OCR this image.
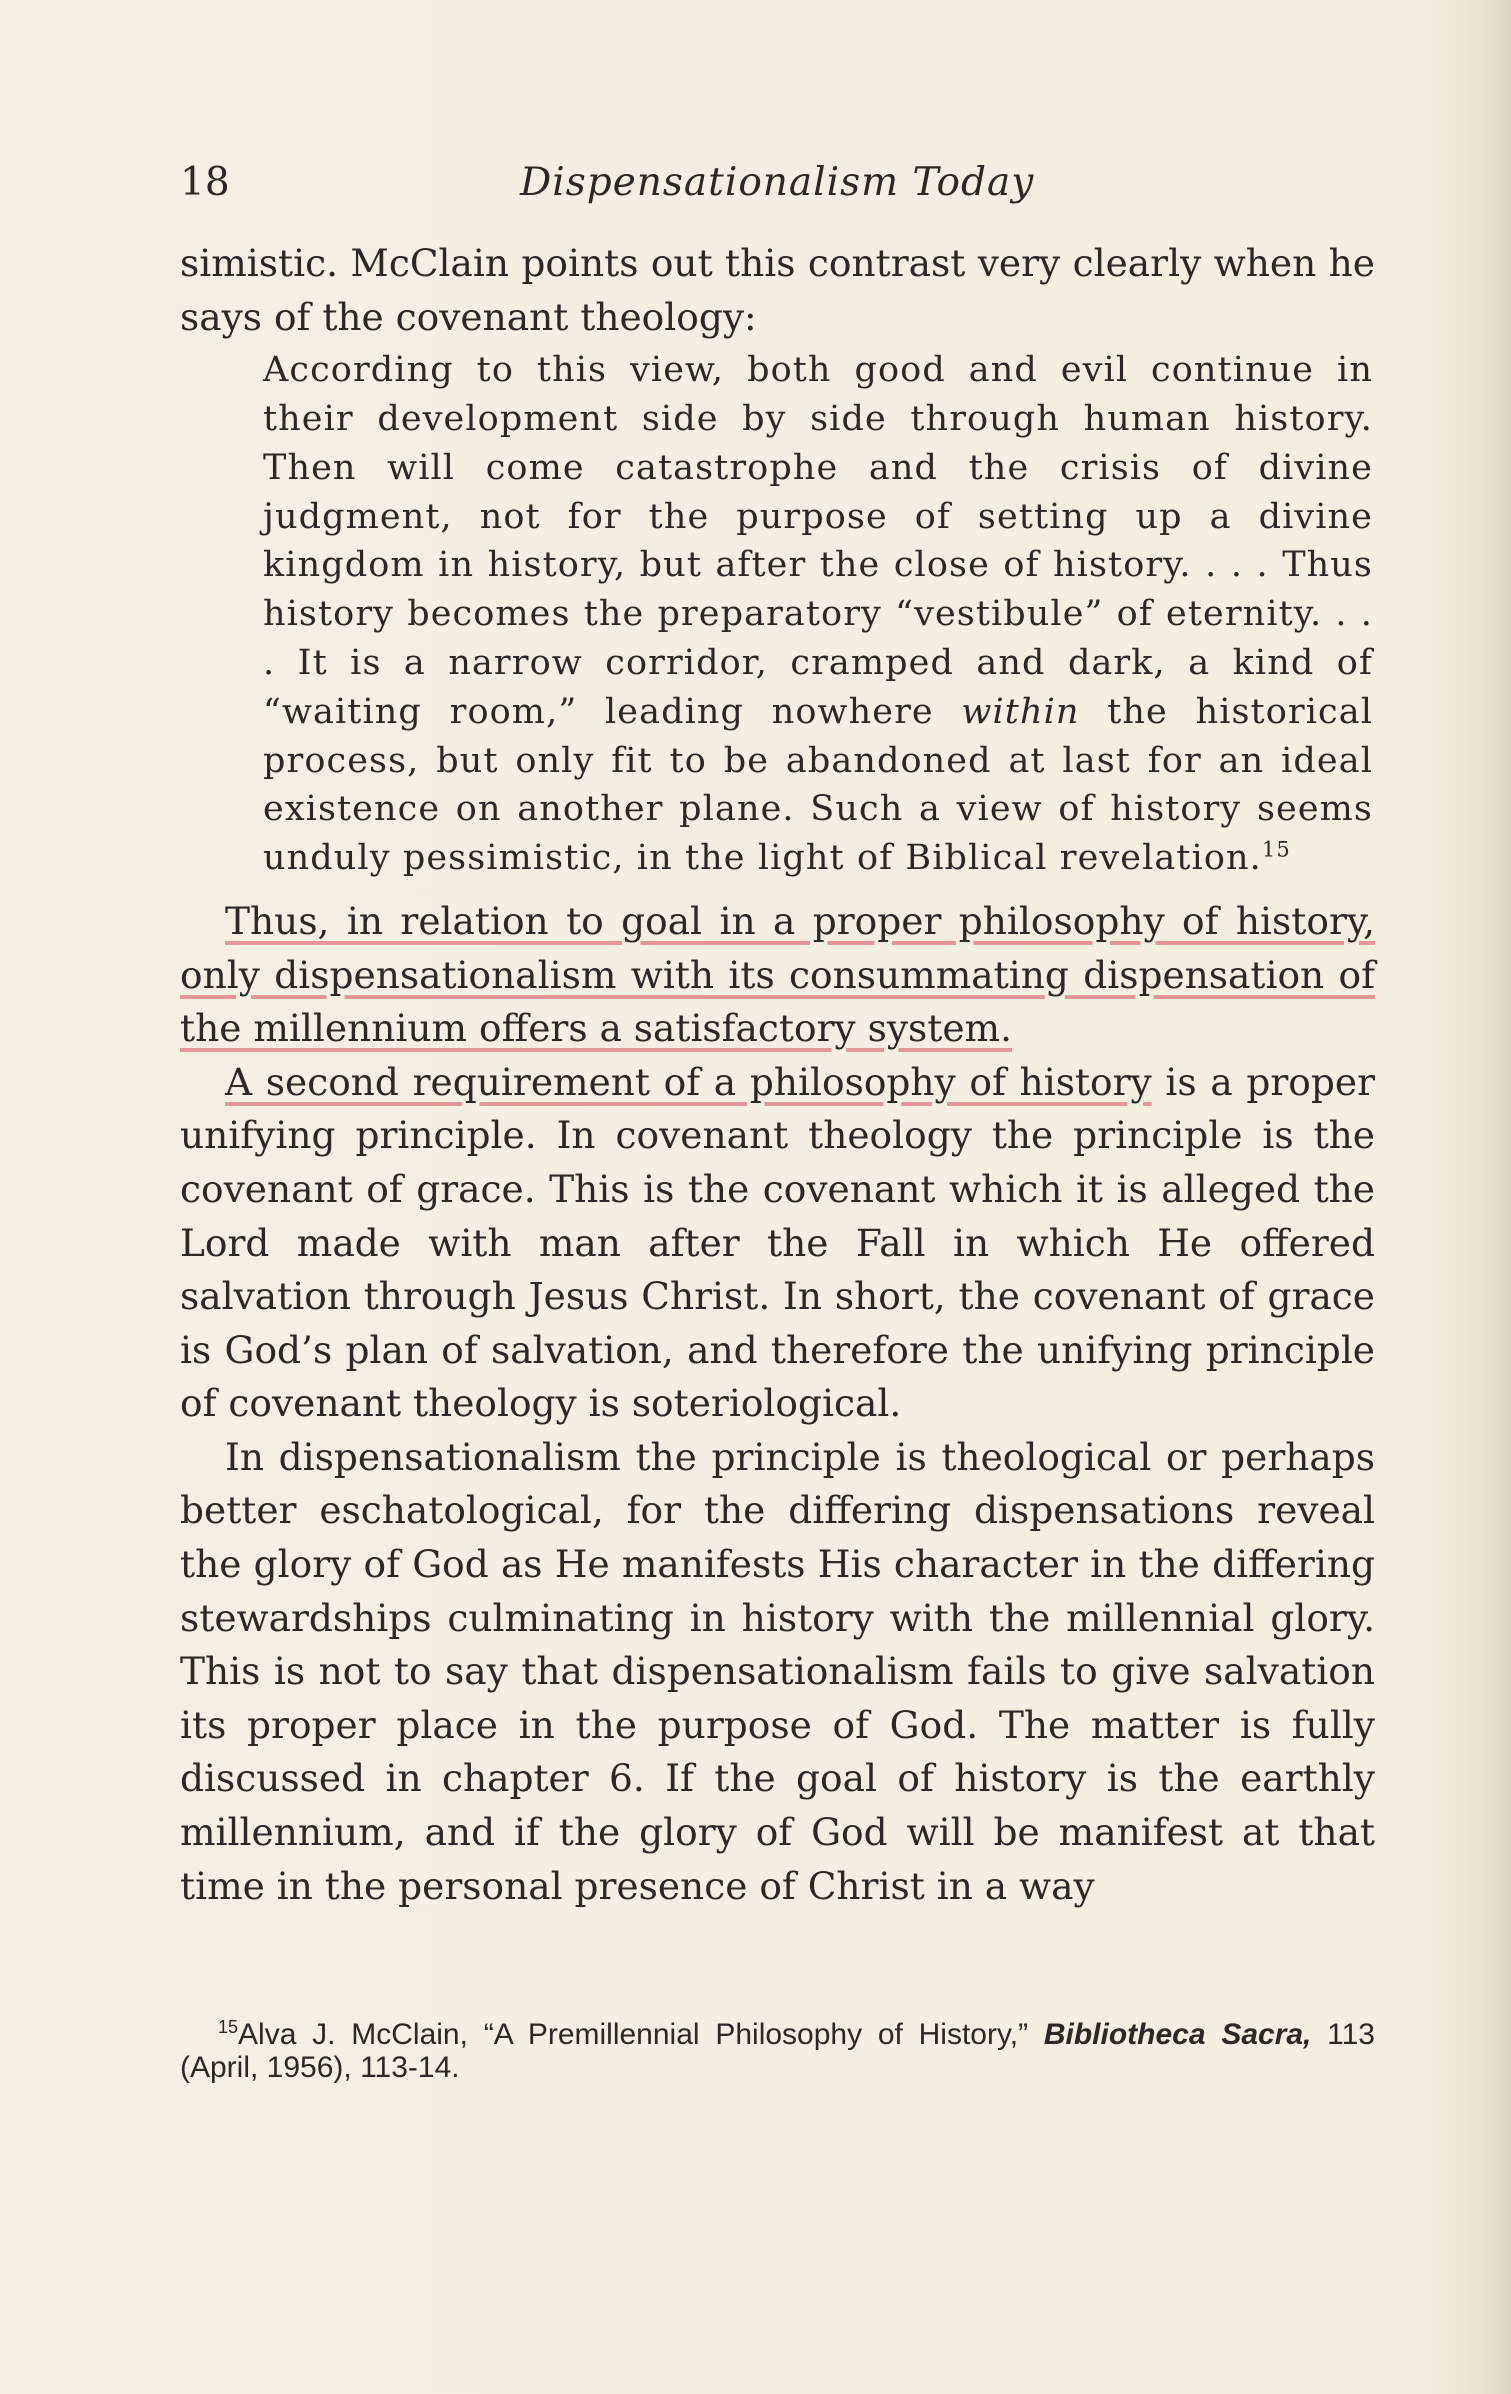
18	Dispensationalism Today

simistic. McClain points out this contrast very clearly when he says of the covenant theology:

According to this view, both good and evil continue in their development side by side through human history. Then will come catastrophe and the crisis of divine judgment, not for the purpose of setting up a divine kingdom in history, but after the close of history. . . . Thus history becomes the preparatory “vestibule” of eternity. . . . It is a narrow corridor, cramped and dark, a kind of “waiting room,” leading nowhere within the historical process, but only fit to be abandoned at last for an ideal existence on another plane. Such a view of history seems unduly pessimistic, in the light of Biblical revelation.$^{15}$

Thus, in relation to goal in a proper philosophy of history, only dispensationalism with its consummating dispensation of the millennium offers a satisfactory system.

A second requirement of a philosophy of history is a proper unifying principle. In covenant theology the principle is the covenant of grace. This is the covenant which it is alleged the Lord made with man after the Fall in which He offered salvation through Jesus Christ. In short, the covenant of grace is God’s plan of salvation, and therefore the unifying principle of covenant theology is soteriological.

In dispensationalism the principle is theological or perhaps better eschatological, for the differing dispensations reveal the glory of God as He manifests His character in the differing stewardships culminating in history with the millennial glory. This is not to say that dispensationalism fails to give salvation its proper place in the purpose of God. The matter is fully discussed in chapter 6. If the goal of history is the earthly millennium, and if the glory of God will be manifest at that time in the personal presence of Christ in a way

$^{15}$Alva J. McClain, “A Premillennial Philosophy of History,” Bibliotheca Sacra, 113 (April, 1956), 113-14.
